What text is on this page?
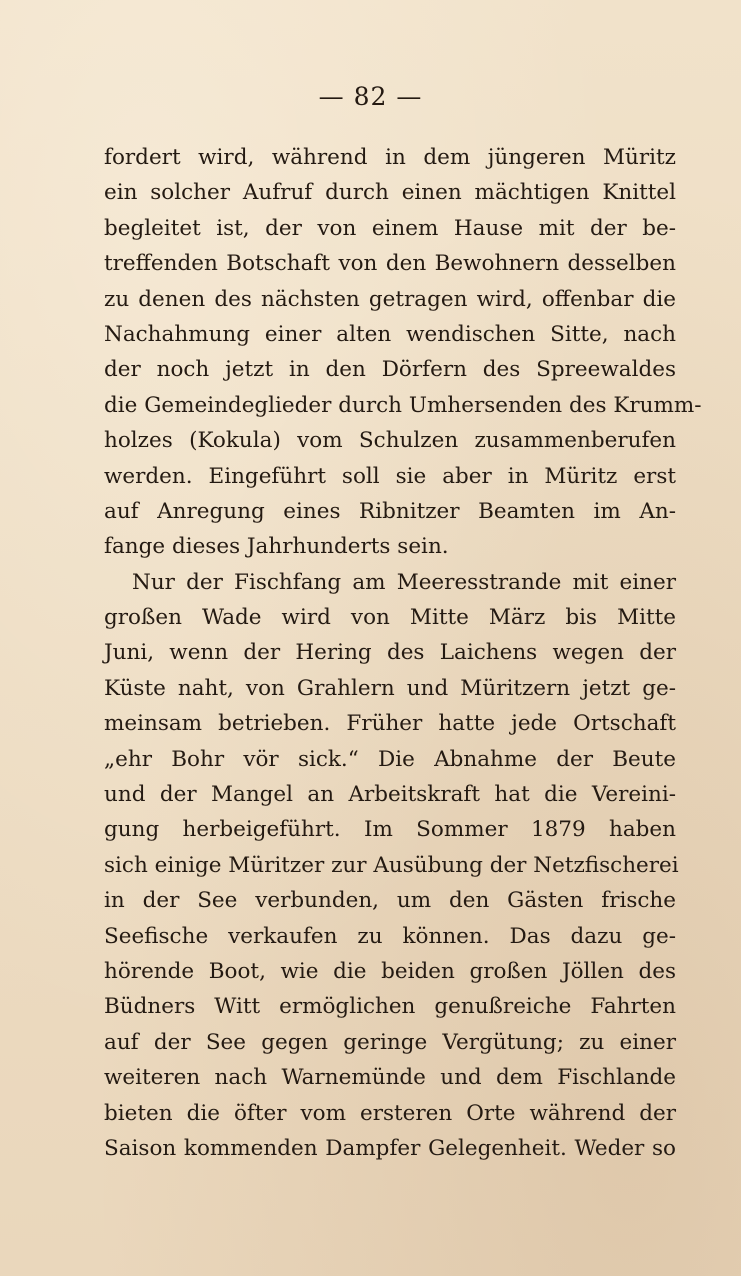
— 82 —
fordert wird, während in dem jüngeren Müritz
ein solcher Aufruf durch einen mächtigen Knittel
begleitet ist, der von einem Hause mit der be-
treffenden Botschaft von den Bewohnern desselben
zu denen des nächsten getragen wird, offenbar die
Nachahmung einer alten wendischen Sitte, nach
der noch jetzt in den Dörfern des Spreewaldes
die Gemeindeglieder durch Umhersenden des Krumm-
holzes (Kokula) vom Schulzen zusammenberufen
werden. Eingeführt soll sie aber in Müritz erst
auf Anregung eines Ribnitzer Beamten im An-
fange dieses Jahrhunderts sein.
Nur der Fischfang am Meeresstrande mit einer
großen Wade wird von Mitte März bis Mitte
Juni, wenn der Hering des Laichens wegen der
Küste naht, von Grahlern und Müritzern jetzt ge-
meinsam betrieben. Früher hatte jede Ortschaft
„ehr Bohr vör sick.“ Die Abnahme der Beute
und der Mangel an Arbeitskraft hat die Vereini-
gung herbeigeführt. Im Sommer 1879 haben
sich einige Müritzer zur Ausübung der Netzfischerei
in der See verbunden, um den Gästen frische
Seefische verkaufen zu können. Das dazu ge-
hörende Boot, wie die beiden großen Jöllen des
Büdners Witt ermöglichen genußreiche Fahrten
auf der See gegen geringe Vergütung; zu einer
weiteren nach Warnemünde und dem Fischlande
bieten die öfter vom ersteren Orte während der
Saison kommenden Dampfer Gelegenheit. Weder so
